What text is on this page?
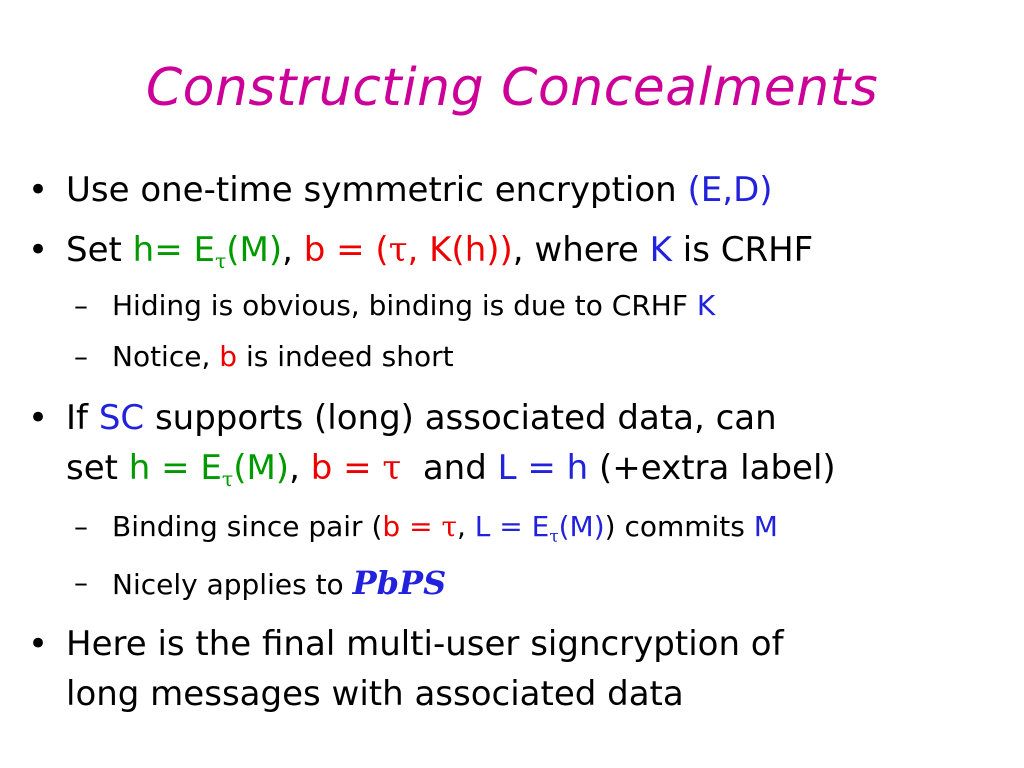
Constructing Concealments
• Use one-time symmetric encryption (E,D)
• Set $h= E_\tau(M)$, b = (τ, K(h)), where K is CRHF
– Hiding is obvious, binding is due to CRHF K
– Notice, b is indeed short
• If SC supports (long) associated data, can
set $h = E_\tau(M)$, b = τ  and L = h (+extra label)
– Binding since pair (b = τ, $L = E_\tau(M)$) commits M
– Nicely applies to PbPS
• Here is the final multi-user signcryption of
long messages with associated data
